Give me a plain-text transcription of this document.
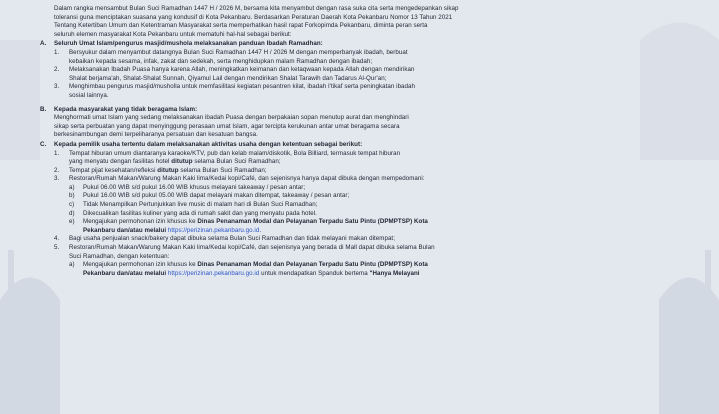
Dalam rangka mensambut Bulan Suci Ramadhan 1447 H / 2026 M, bersama kita menyambut dengan rasa suka cita serta mengedepankan sikap
toleransi guna menciptakan suasana yang kondusif di Kota Pekanbaru. Berdasarkan Peraturan Daerah Kota Pekanbaru Nomor 13 Tahun 2021
Tentang Ketertiban Umum dan Ketentraman Masyarakat serta memperhatikan hasil rapat Forkopimda Pekanbaru, diminta peran serta
seluruh elemen masyarakat Kota Pekanbaru untuk mematuhi hal-hal sebagai berikut:
A.	Seluruh Umat Islam/pengurus masjid/mushola melaksanakan panduan Ibadah Ramadhan:
1.	Bersyukur dalam menyambut datangnya Bulan Suci Ramadhan 1447 H / 2026 M dengan memperbanyak ibadah, berbuat
kebaikan kepada sesama, infak, zakat dan sedekah, serta menghidupkan malam Ramadhan dengan ibadah;
2.	Melaksanakan Ibadah Puasa hanya karena Allah, meningkatkan keimanan dan ketaqwaan kepada Allah dengan mendirikan
Shalat berjama'ah, Shalat-Shalat Sunnah, Qiyamul Lail dengan mendirikan Shalat Tarawih dan Tadarus Al-Qur'an;
3.	Menghimbau pengurus masjid/musholla untuk memfasilitasi kegiatan pesantren kilat, ibadah I'tikaf serta peningkatan ibadah
sosial lainnya.
B.	Kepada masyarakat yang tidak beragama Islam:
Menghormati umat Islam yang sedang melaksanakan ibadah Puasa dengan berpakaian sopan menutup aurat dan menghindari
sikap serta perbuatan yang dapat menyinggung perasaan umat Islam, agar tercipta kerukunan antar umat beragama secara
berkesinambungan demi terpeliharanya persatuan dan kesatuan bangsa.
C.	Kepada pemilik usaha tertentu dalam melaksanakan aktivitas usaha dengan ketentuan sebagai berikut:
1.	Tempat hiburan umum diantaranya karaoke/KTV, pub dan kelab malam/diskotik, Bola Billiard, termasuk tempat hiburan
yang menyatu dengan fasilitas hotel ditutup selama Bulan Suci Ramadhan;
2.	Tempat pijat kesehatan/refleksi ditutup selama Bulan Suci Ramadhan;
3.	Restoran/Rumah Makan/Warung Makan Kaki lima/Kedai kopi/Café, dan sejenisnya hanya dapat dibuka dengan mempedomani:
a)	Pukul 06.00 WIB s/d pukul 16.00 WIB khusus melayani takeaway / pesan antar;
b)	Pukul 16.00 WIB s/d pukul 05.00 WIB dapat melayani makan ditempat, takeaway / pesan antar;
c)	Tidak Menampilkan Pertunjukkan live music di malam hari di Bulan Suci Ramadhan;
d)	Dikecualikan fasilitas kuliner yang ada di rumah sakit dan yang menyatu pada hotel.
e)	Mengajukan permohonan izin khusus ke Dinas Penanaman Modal dan Pelayanan Terpadu Satu Pintu (DPMPTSP) Kota
Pekanbaru dan/atau melalui https://perizinan.pekanbaru.go.id.
4.	Bagi usaha penjualan snack/bakery dapat dibuka selama Bulan Suci Ramadhan dan tidak melayani makan ditempat;
5.	Restoran/Rumah Makan/Warung Makan Kaki lima/Kedai kopi/Café, dan sejenisnya yang berada di Mall dapat dibuka selama Bulan
Suci Ramadhan, dengan ketentuan:
a)	Mengajukan permohonan izin khusus ke Dinas Penanaman Modal dan Pelayanan Terpadu Satu Pintu (DPMPTSP) Kota
Pekanbaru dan/atau melalui https://perizinan.pekanbaru.go.id untuk mendapatkan Spanduk bertema "Hanya Melayani
